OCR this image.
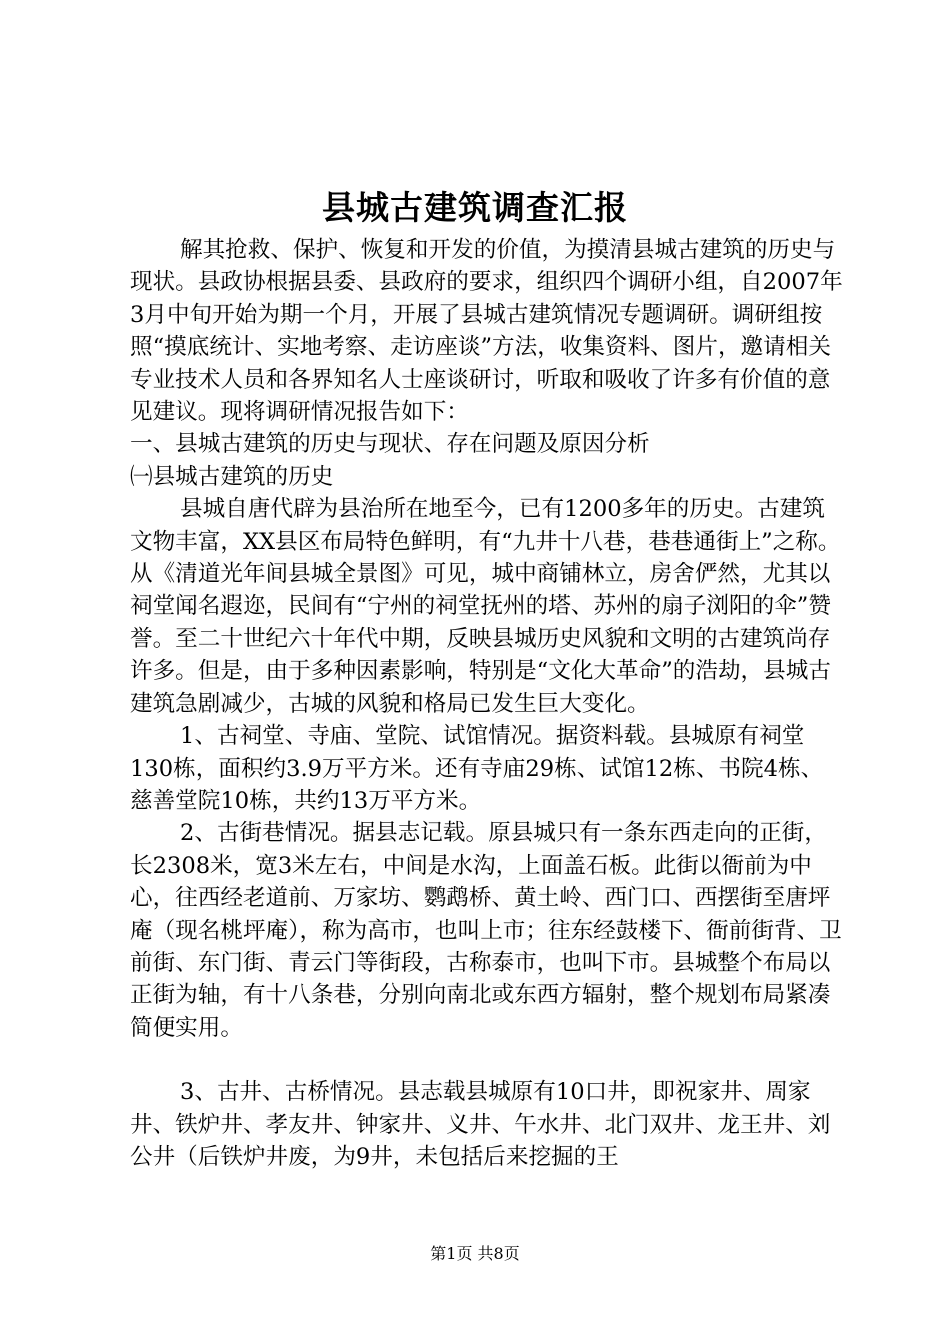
县城古建筑调查汇报

解其抢救、保护、恢复和开发的价值，为摸清县城古建筑的历史与现状。县政协根据县委、县政府的要求，组织四个调研小组，自2007年3月中旬开始为期一个月，开展了县城古建筑情况专题调研。调研组按照“摸底统计、实地考察、走访座谈”方法，收集资料、图片，邀请相关专业技术人员和各界知名人士座谈研讨，听取和吸收了许多有价值的意见建议。现将调研情况报告如下：

一、县城古建筑的历史与现状、存在问题及原因分析

㈠县城古建筑的历史

县城自唐代辟为县治所在地至今，已有1200多年的历史。古建筑文物丰富，XX县区布局特色鲜明，有“九井十八巷，巷巷通街上”之称。从《清道光年间县城全景图》可见，城中商铺林立，房舍俨然，尤其以祠堂闻名遐迩，民间有“宁州的祠堂抚州的塔、苏州的扇子浏阳的伞”赞誉。至二十世纪六十年代中期，反映县城历史风貌和文明的古建筑尚存许多。但是，由于多种因素影响，特别是“文化大革命”的浩劫，县城古建筑急剧减少，古城的风貌和格局已发生巨大变化。

1、古祠堂、寺庙、堂院、试馆情况。据资料载。县城原有祠堂130栋，面积约3.9万平方米。还有寺庙29栋、试馆12栋、书院4栋、慈善堂院10栋，共约13万平方米。

2、古街巷情况。据县志记载。原县城只有一条东西走向的正街，长2308米，宽3米左右，中间是水沟，上面盖石板。此街以衙前为中心，往西经老道前、万家坊、鹦鹉桥、黄土岭、西门口、西摆街至唐坪庵（现名桃坪庵），称为高市，也叫上市；往东经鼓楼下、衙前街背、卫前街、东门街、青云门等街段，古称泰市，也叫下市。县城整个布局以正街为轴，有十八条巷，分别向南北或东西方辐射，整个规划布局紧凑简便实用。

3、古井、古桥情况。县志载县城原有10口井，即祝家井、周家井、铁炉井、孝友井、钟家井、义井、午水井、北门双井、龙王井、刘公井（后铁炉井废，为9井，未包括后来挖掘的王

第1页 共8页
